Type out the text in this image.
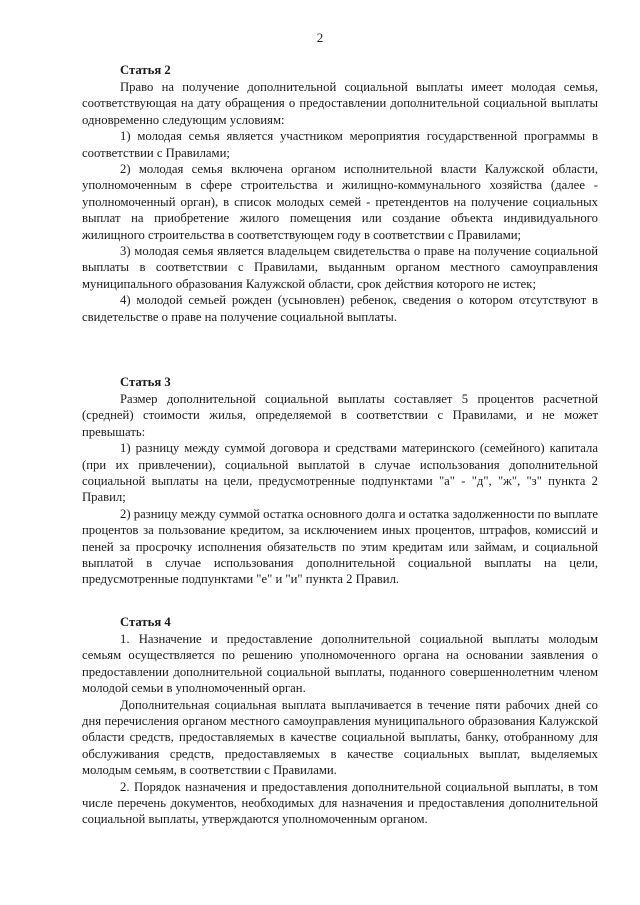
2
Статья 2

Право на получение дополнительной социальной выплаты имеет молодая семья, соответствующая на дату обращения о предоставлении дополнительной социальной выплаты одновременно следующим условиям:

1) молодая семья является участником мероприятия государственной программы в соответствии с Правилами;

2) молодая семья включена органом исполнительной власти Калужской области, уполномоченным в сфере строительства и жилищно-коммунального хозяйства (далее - уполномоченный орган), в список молодых семей - претендентов на получение социальных выплат на приобретение жилого помещения или создание объекта индивидуального жилищного строительства в соответствующем году в соответствии с Правилами;

3) молодая семья является владельцем свидетельства о праве на получение социальной выплаты в соответствии с Правилами, выданным органом местного самоуправления муниципального образования Калужской области, срок действия которого не истек;

4) молодой семьей рожден (усыновлен) ребенок, сведения о котором отсутствуют в свидетельстве о праве на получение социальной выплаты.

Статья 3

Размер дополнительной социальной выплаты составляет 5 процентов расчетной (средней) стоимости жилья, определяемой в соответствии с Правилами, и не может превышать:

1) разницу между суммой договора и средствами материнского (семейного) капитала (при их привлечении), социальной выплатой в случае использования дополнительной социальной выплаты на цели, предусмотренные подпунктами "а" - "д", "ж", "з" пункта 2 Правил;

2) разницу между суммой остатка основного долга и остатка задолженности по выплате процентов за пользование кредитом, за исключением иных процентов, штрафов, комиссий и пеней за просрочку исполнения обязательств по этим кредитам или займам, и социальной выплатой в случае использования дополнительной социальной выплаты на цели, предусмотренные подпунктами "е" и "и" пункта 2 Правил.

Статья 4

1. Назначение и предоставление дополнительной социальной выплаты молодым семьям осуществляется по решению уполномоченного органа на основании заявления о предоставлении дополнительной социальной выплаты, поданного совершеннолетним членом молодой семьи в уполномоченный орган.

Дополнительная социальная выплата выплачивается в течение пяти рабочих дней со дня перечисления органом местного самоуправления муниципального образования Калужской области средств, предоставляемых в качестве социальной выплаты, банку, отобранному для обслуживания средств, предоставляемых в качестве социальных выплат, выделяемых молодым семьям, в соответствии с Правилами.

2. Порядок назначения и предоставления дополнительной социальной выплаты, в том числе перечень документов, необходимых для назначения и предоставления дополнительной социальной выплаты, утверждаются уполномоченным органом.
